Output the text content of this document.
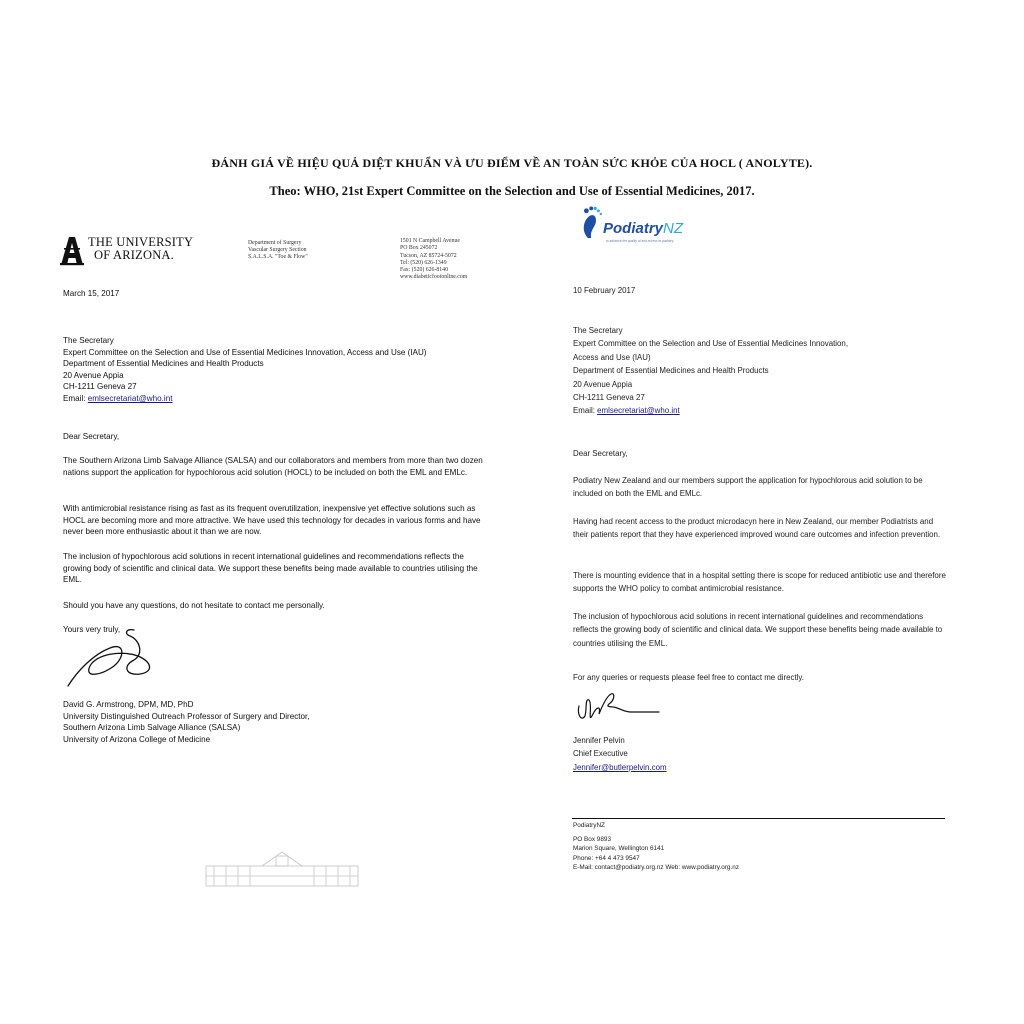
ĐÁNH GIÁ VỀ HIỆU QUẢ DIỆT KHUẨN VÀ ƯU ĐIỂM VỀ AN TOÀN SỨC KHỎE CỦA HOCL ( ANOLYTE).
Theo: WHO, 21st Expert Committee on the Selection and Use of Essential Medicines, 2017.
THE UNIVERSITY
OF ARIZONA.
Department of Surgery
Vascular Surgery Section
S.A.L.S.A. "Toe & Flow"
1501 N Campbell Avenue
PO Box 245072
Tucson, AZ 85724-5072
Tel: (520) 626-1349
Fax: (520) 626-8140
www.diabeticfootonline.com
March 15, 2017

The Secretary

Expert Committee on the Selection and Use of Essential Medicines Innovation, Access and Use (IAU)

Department of Essential Medicines and Health Products

20 Avenue Appia

CH-1211 Geneva 27

Email: emlsecretariat@who.int

Dear Secretary,
The Southern Arizona Limb Salvage Alliance (SALSA) and our collaborators and members from more than two dozen nations support the application for hypochlorous acid solution (HOCL) to be included on both the EML and EMLc.
With antimicrobial resistance rising as fast as its frequent overutilization, inexpensive yet effective solutions such as HOCL are becoming more and more attractive. We have used this technology for decades in various forms and have never been more enthusiastic about it than we are now.
The inclusion of hypochlorous acid solutions in recent international guidelines and recommendations reflects the growing body of scientific and clinical data. We support these benefits being made available to countries utilising the EML.
Should you have any questions, do not hesitate to contact me personally.
Yours very truly,

David G. Armstrong, DPM, MD, PhD

University Distinguished Outreach Professor of Surgery and Director,

Southern Arizona Limb Salvage Alliance (SALSA)

University of Arizona College of Medicine

PodiatryNZ
to advance the quality of and access to podiatry
10 February 2017

The Secretary

Expert Committee on the Selection and Use of Essential Medicines Innovation,

Access and Use (IAU)

Department of Essential Medicines and Health Products

20 Avenue Appia

CH-1211 Geneva 27

Email: emlsecretariat@who.int

Dear Secretary,
Podiatry New Zealand and our members support the application for hypochlorous acid solution to be included on both the EML and EMLc.
Having had recent access to the product microdacyn here in New Zealand, our member Podiatrists and their patients report that they have experienced improved wound care outcomes and infection prevention.
There is mounting evidence that in a hospital setting there is scope for reduced antibiotic use and therefore supports the WHO policy to combat antimicrobial resistance.
The inclusion of hypochlorous acid solutions in recent international guidelines and recommendations reflects the growing body of scientific and clinical data. We support these benefits being made available to countries utilising the EML.
For any queries or requests please feel free to contact me directly.

Jennifer Pelvin

Chief Executive

Jennifer@butlerpelvin.com

PodiatryNZ
PO Box 9893
Marion Square, Wellington 6141
Phone: +64 4 473 9547
E-Mail: contact@podiatry.org.nz Web: www.podiatry.org.nz
